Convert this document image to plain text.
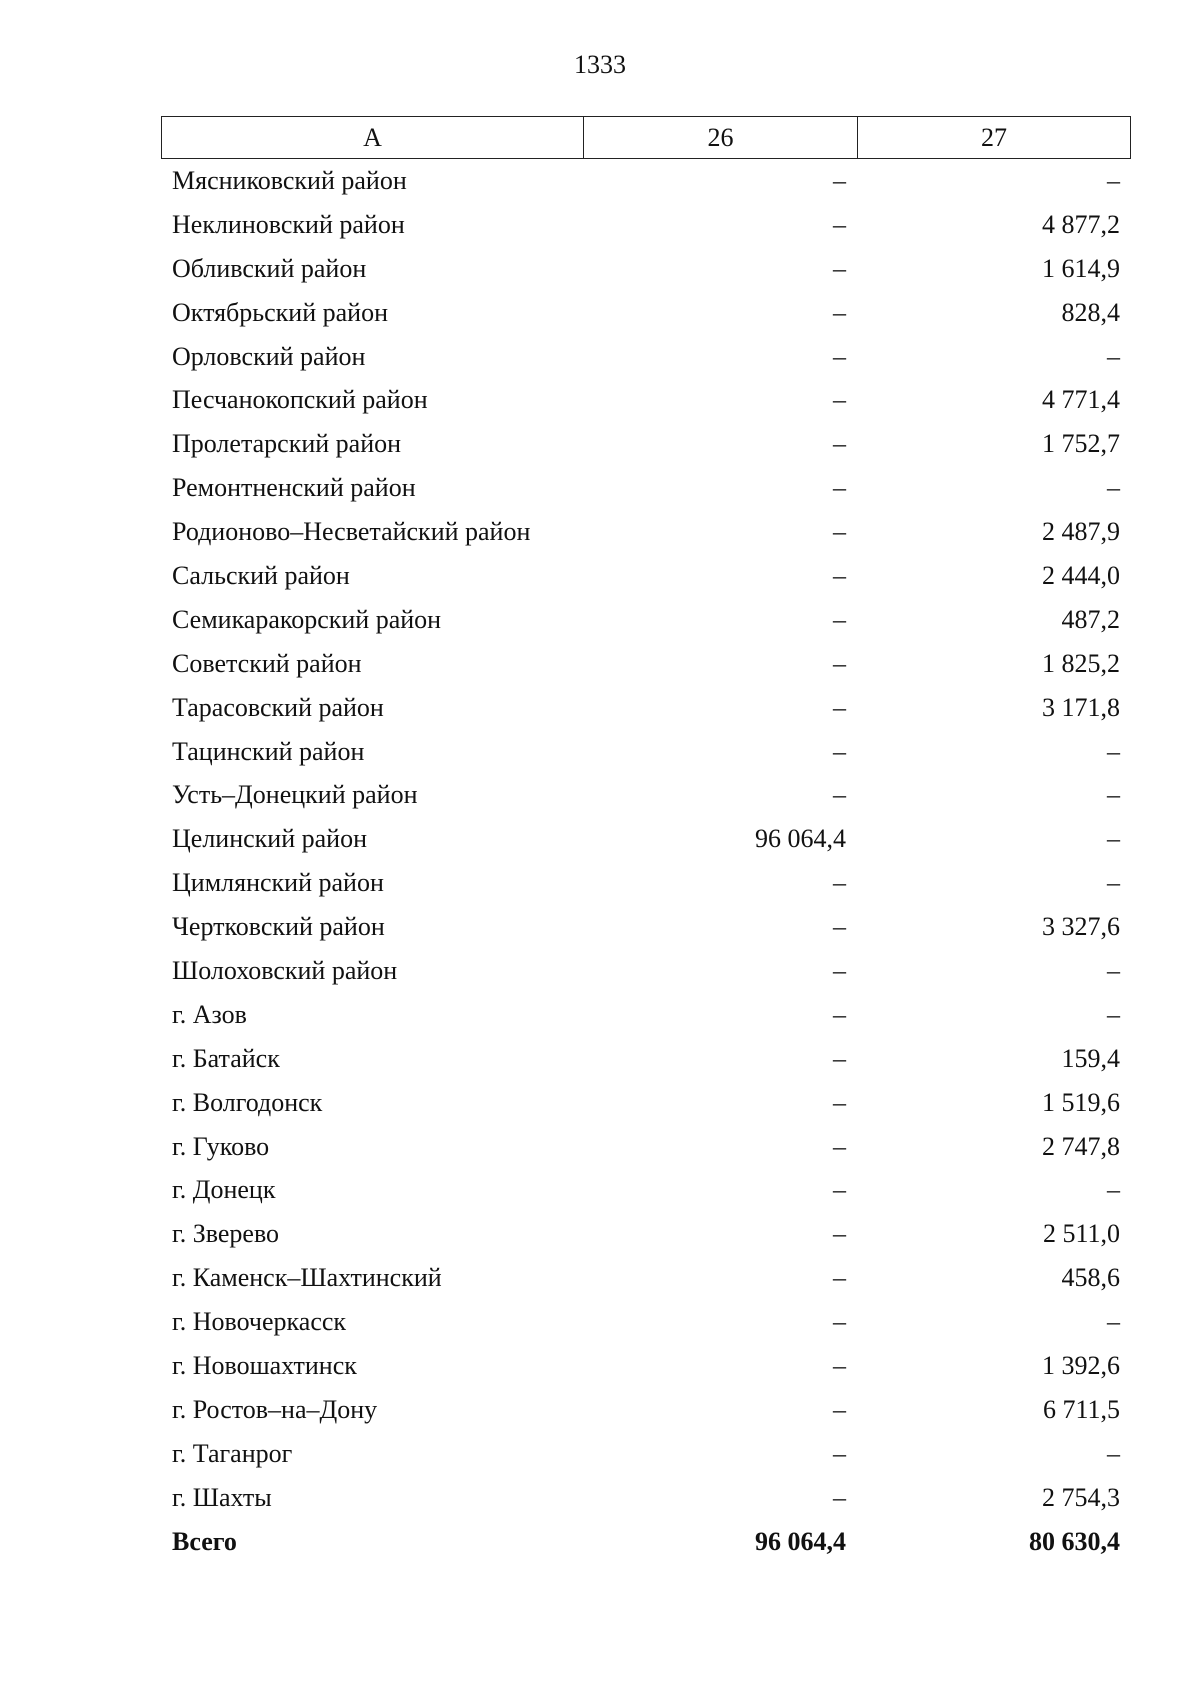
1333
А	26	27
Мясниковский район	–	–
Неклиновский район	–	4 877,2
Обливский район	–	1 614,9
Октябрьский район	–	828,4
Орловский район	–	–
Песчанокопский район	–	4 771,4
Пролетарский район	–	1 752,7
Ремонтненский район	–	–
Родионово–Несветайский район	–	2 487,9
Сальский район	–	2 444,0
Семикаракорский район	–	487,2
Советский район	–	1 825,2
Тарасовский район	–	3 171,8
Тацинский район	–	–
Усть–Донецкий район	–	–
Целинский район	96 064,4	–
Цимлянский район	–	–
Чертковский район	–	3 327,6
Шолоховский район	–	–
г. Азов	–	–
г. Батайск	–	159,4
г. Волгодонск	–	1 519,6
г. Гуково	–	2 747,8
г. Донецк	–	–
г. Зверево	–	2 511,0
г. Каменск–Шахтинский	–	458,6
г. Новочеркасск	–	–
г. Новошахтинск	–	1 392,6
г. Ростов–на–Дону	–	6 711,5
г. Таганрог	–	–
г. Шахты	–	2 754,3
Всего	96 064,4	80 630,4
